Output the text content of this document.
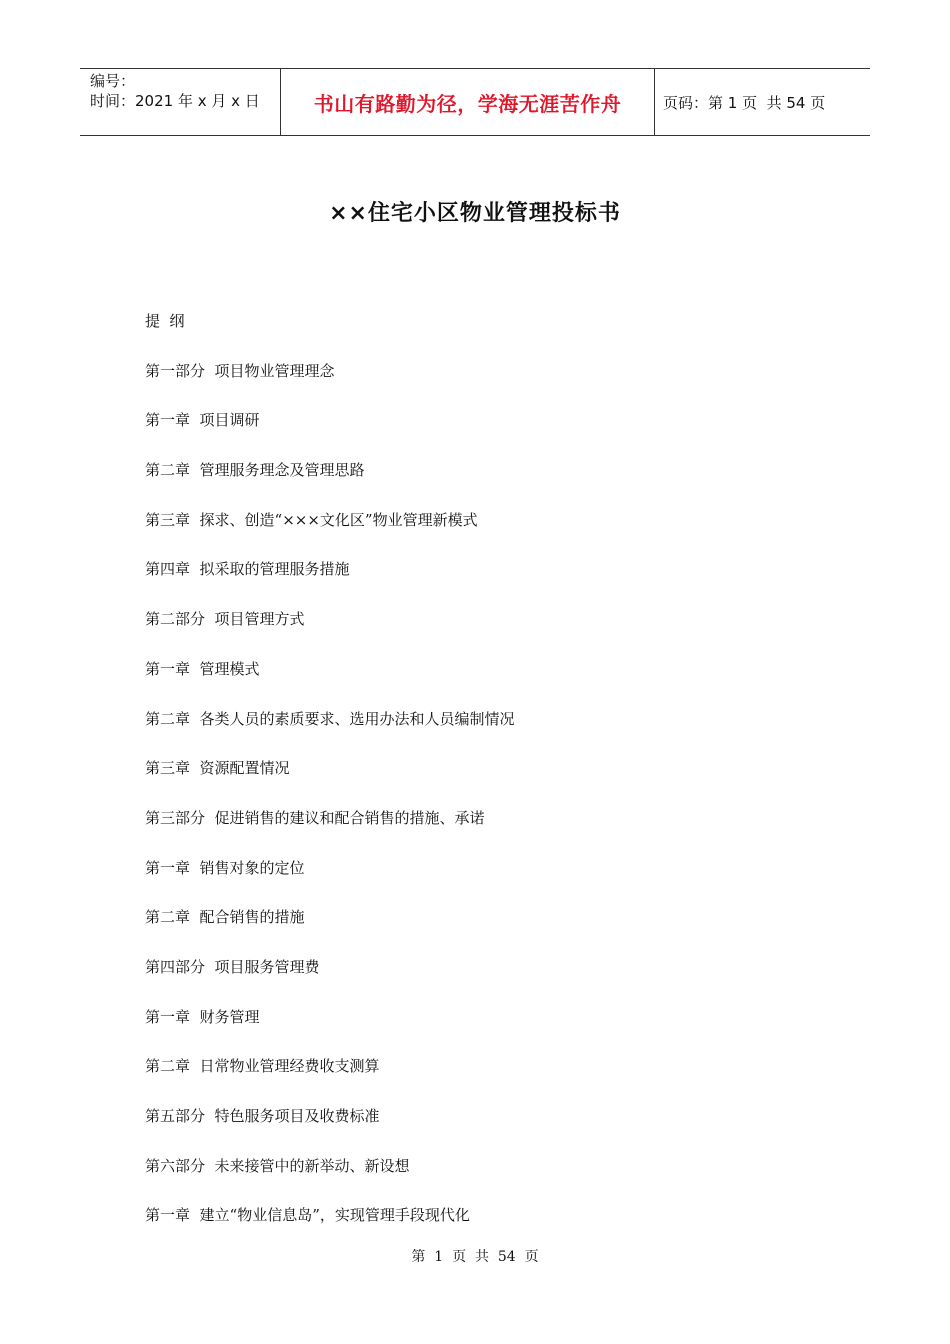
编号：
时间：2021 年 x 月 x 日	书山有路勤为径，学海无涯苦作舟	页码：第 1 页  共 54 页
××住宅小区物业管理投标书
提  纲
第一部分  项目物业管理理念
第一章  项目调研
第二章  管理服务理念及管理思路
第三章  探求、创造“×××文化区”物业管理新模式
第四章  拟采取的管理服务措施
第二部分  项目管理方式
第一章  管理模式
第二章  各类人员的素质要求、选用办法和人员编制情况
第三章  资源配置情况
第三部分  促进销售的建议和配合销售的措施、承诺
第一章  销售对象的定位
第二章  配合销售的措施
第四部分  项目服务管理费
第一章  财务管理
第二章  日常物业管理经费收支测算
第五部分  特色服务项目及收费标准
第六部分  未来接管中的新举动、新设想
第一章  建立“物业信息岛”，实现管理手段现代化
第  1  页  共  54  页
